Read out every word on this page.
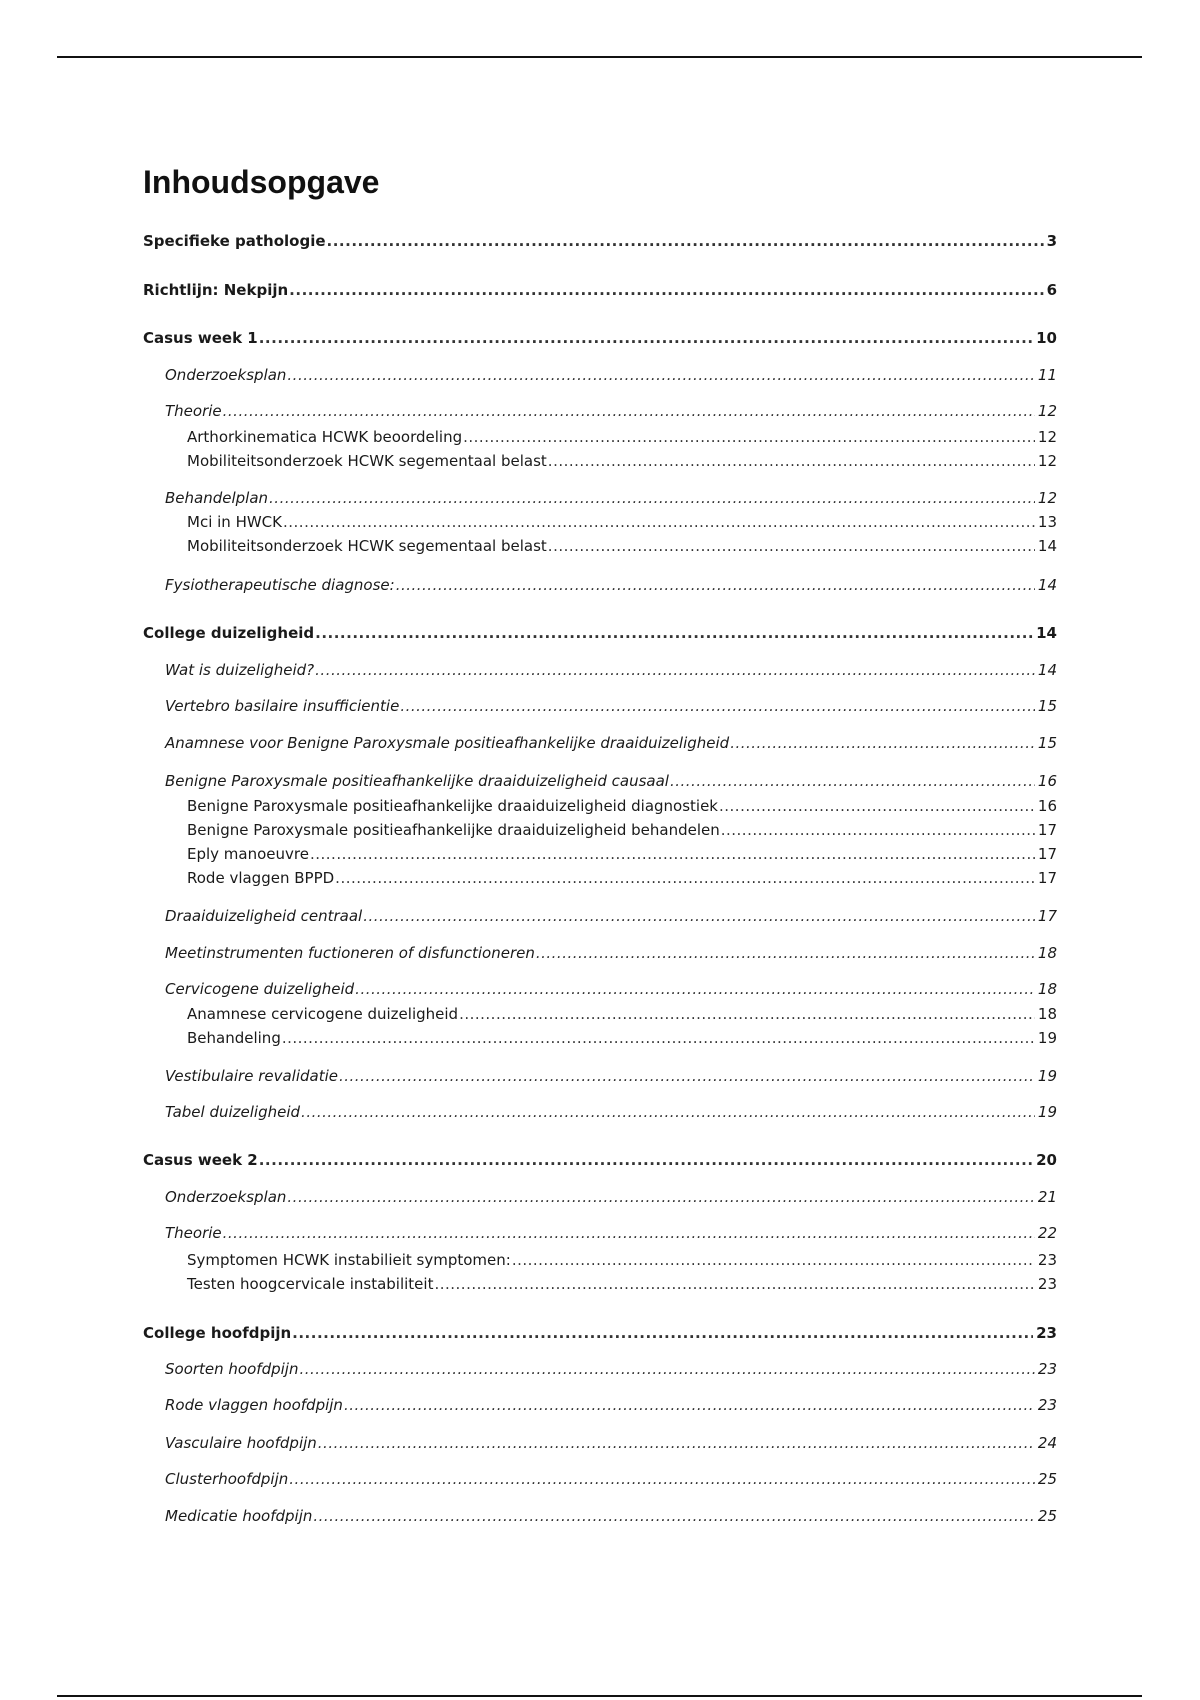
Inhoudsopgave
Specifieke pathologie .....	3
Richtlijn: Nekpijn .....	6
Casus week 1 .....	10
Onderzoeksplan .....	11
Theorie .....	12
Arthorkinematica HCWK beoordeling .....	12
Mobiliteitsonderzoek HCWK segementaal belast .....	12
Behandelplan .....	12
Mci in HWCK .....	13
Mobiliteitsonderzoek HCWK segementaal belast .....	14
Fysiotherapeutische diagnose: .....	14
College duizeligheid .....	14
Wat is duizeligheid? .....	14
Vertebro basilaire insufficientie .....	15
Anamnese voor Benigne Paroxysmale positieafhankelijke draaiduizeligheid .....	15
Benigne Paroxysmale positieafhankelijke draaiduizeligheid causaal .....	16
Benigne Paroxysmale positieafhankelijke draaiduizeligheid diagnostiek .....	16
Benigne Paroxysmale positieafhankelijke draaiduizeligheid behandelen .....	17
Eply manoeuvre .....	17
Rode vlaggen BPPD .....	17
Draaiduizeligheid centraal .....	17
Meetinstrumenten fuctioneren of disfunctioneren .....	18
Cervicogene duizeligheid .....	18
Anamnese cervicogene duizeligheid .....	18
Behandeling .....	19
Vestibulaire revalidatie .....	19
Tabel duizeligheid .....	19
Casus week 2 .....	20
Onderzoeksplan .....	21
Theorie .....	22
Symptomen HCWK instabilieit symptomen: .....	23
Testen hoogcervicale instabiliteit .....	23
College hoofdpijn .....	23
Soorten hoofdpijn .....	23
Rode vlaggen hoofdpijn .....	23
Vasculaire hoofdpijn .....	24
Clusterhoofdpijn .....	25
Medicatie hoofdpijn .....	25
